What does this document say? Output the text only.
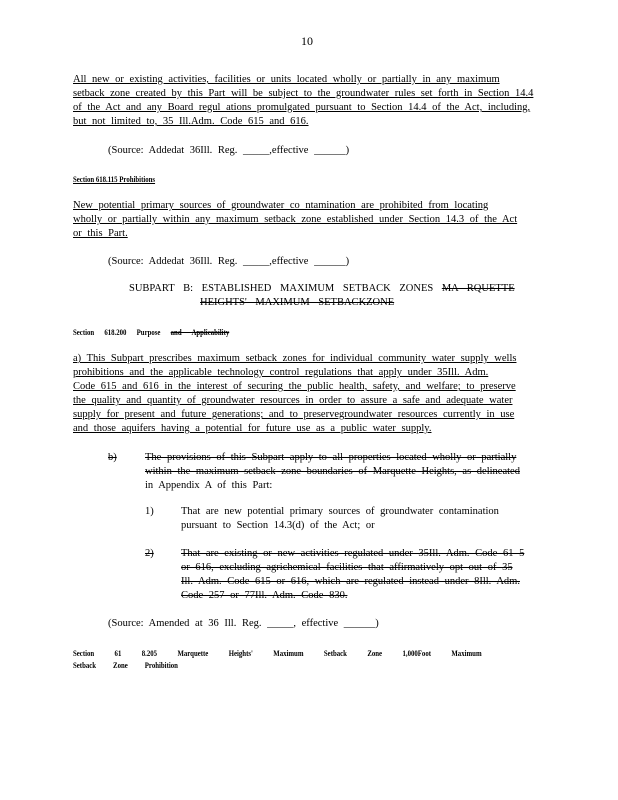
10
All new or existing activities, facilities or units located wholly or partially in any maximum
setback zone created by this Part will be subject to the groundwater rules set forth in Section 14.4
of the Act and any Board regul ations promulgated pursuant to Section 14.4 of the Act, including,
but not limited to, 35 Ill.Adm. Code 615 and 616.
(Source: Addedat 36Ill. Reg. _____,effective ______)
Section 618.115 Prohibitions
New potential primary sources of groundwater co ntamination are prohibited from locating
wholly or partially within any maximum setback zone established under Section 14.3 of the Act
or this Part.
(Source: Addedat 36Ill. Reg. _____,effective ______)
SUBPART B: ESTABLISHED MAXIMUM SETBACK ZONES MA RQUETTE
HEIGHTS' MAXIMUM SETBACKZONE
Section 618.200 Purpose and Applicability
a) This Subpart prescribes maximum setback zones for individual community water supply wells
prohibitions and the applicable technology control regulations that apply under 35Ill. Adm.
Code 615 and 616 in the interest of securing the public health, safety, and welfare; to preserve
the quality and quantity of groundwater resources in order to assure a safe and adequate water
supply for present and future generations; and to preservegroundwater resources currently in use
and those aquifers having a potential for future use as a public water supply.
b)	The provisions of this Subpart apply to all properties located wholly or partially
within the maximum setback zone boundaries of Marquette Heights, as delineated
in Appendix A of this Part:
1)	That are new potential primary sources of groundwater contamination
pursuant to Section 14.3(d) of the Act; or
2)	That are existing or new activities regulated under 35Ill. Adm. Code 61 5
or 616, excluding agrichemical facilities that affirmatively opt out of 35
Ill. Adm. Code 615 or 616, which are regulated instead under 8Ill. Adm.
Code 257 or 77Ill. Adm. Code 830.
(Source: Amended at 36 Ill. Reg. _____, effective ______)
Section 61 8.205 Marquette Heights' Maximum Setback Zone 1,000Foot Maximum
Setback Zone Prohibition
